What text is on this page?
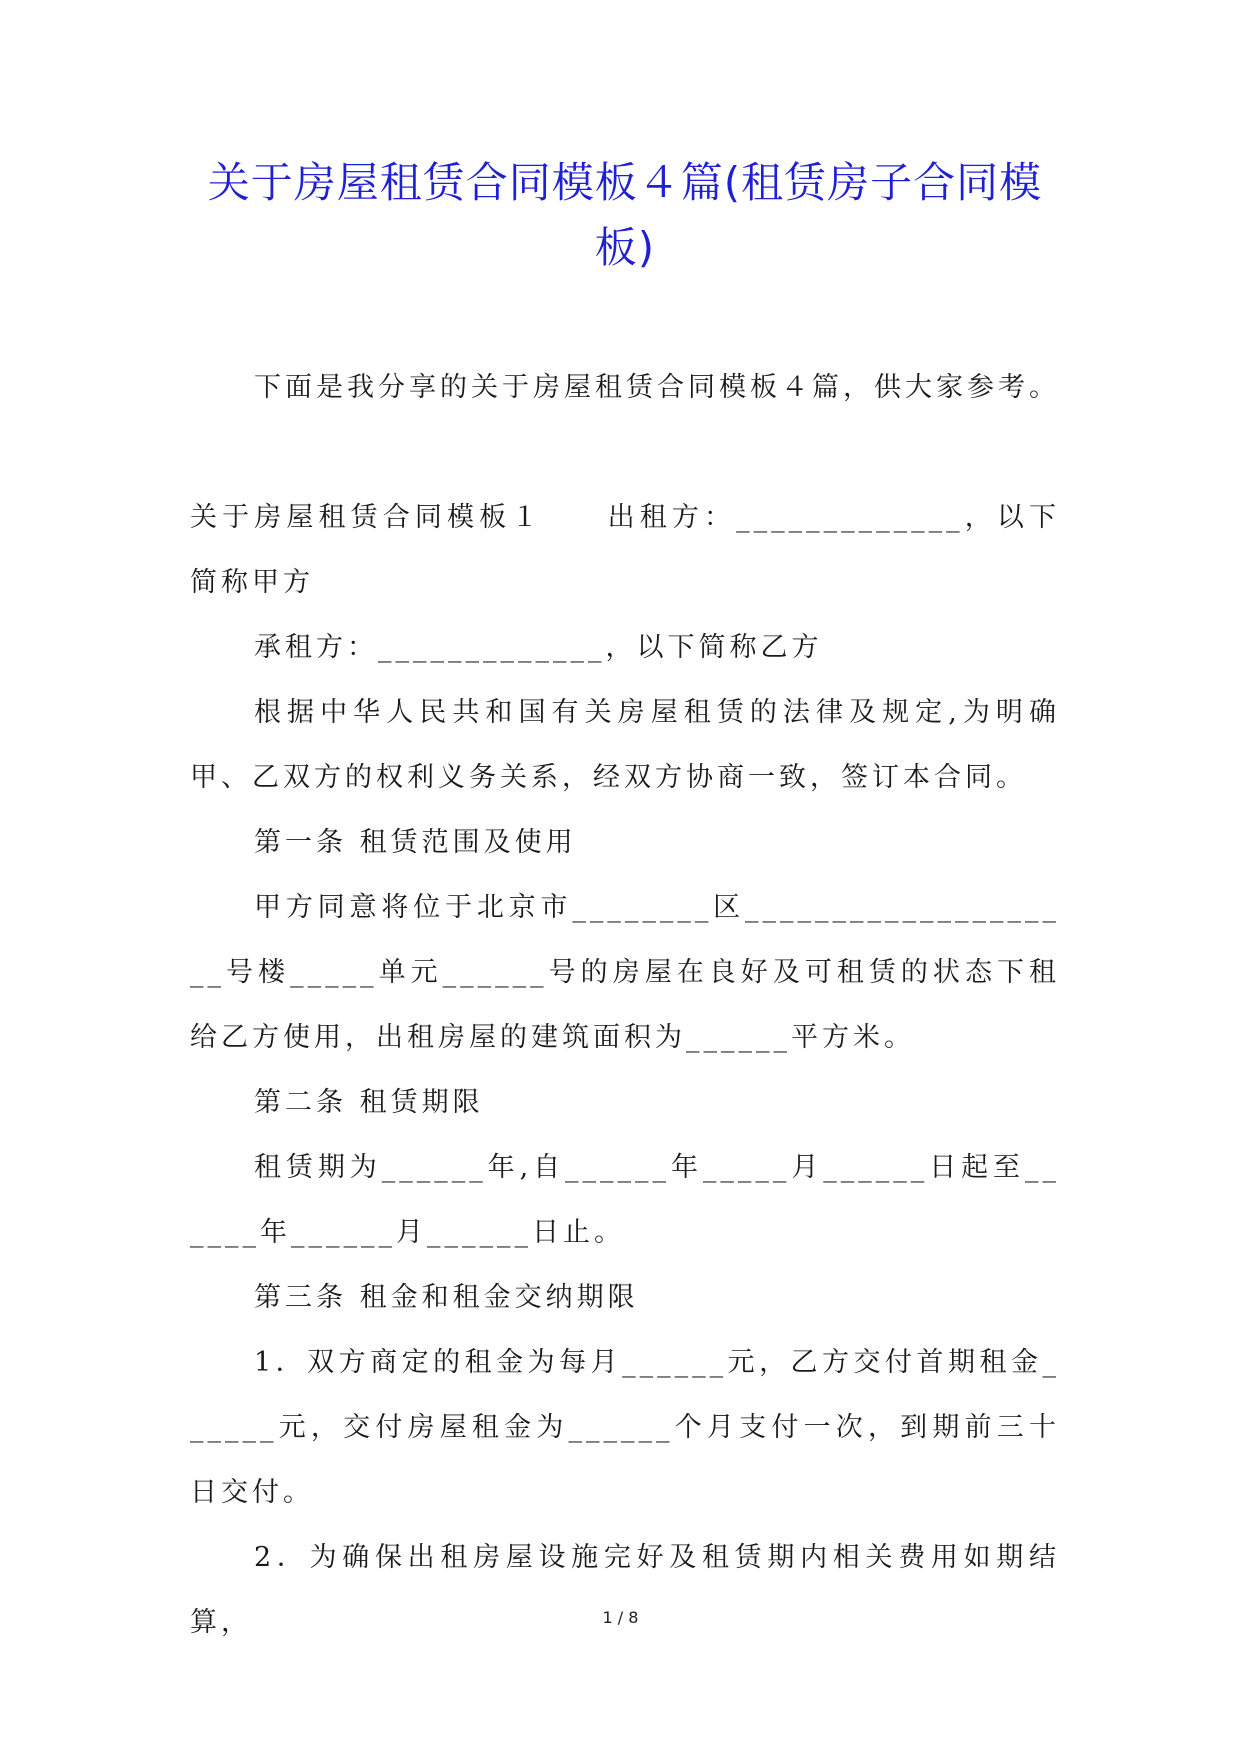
关于房屋租赁合同模板４篇(租赁房子合同模板)

下面是我分享的关于房屋租赁合同模板４篇，供大家参考。

关于房屋租赁合同模板１　　出租方：_____________，以下简称甲方

承租方：_____________，以下简称乙方

根据中华人民共和国有关房屋租赁的法律及规定,为明确甲、乙双方的权利义务关系，经双方协商一致，签订本合同。

第一条 租赁范围及使用

甲方同意将位于北京市________区____________________号楼_____单元______号的房屋在良好及可租赁的状态下租给乙方使用，出租房屋的建筑面积为______平方米。

第二条 租赁期限

租赁期为______年,自______年_____月______日起至______年______月______日止。

第三条 租金和租金交纳期限

1．双方商定的租金为每月______元，乙方交付首期租金______元，交付房屋租金为______个月支付一次，到期前三十日交付。

2．为确保出租房屋设施完好及租赁期内相关费用如期结算，	1 / 8
